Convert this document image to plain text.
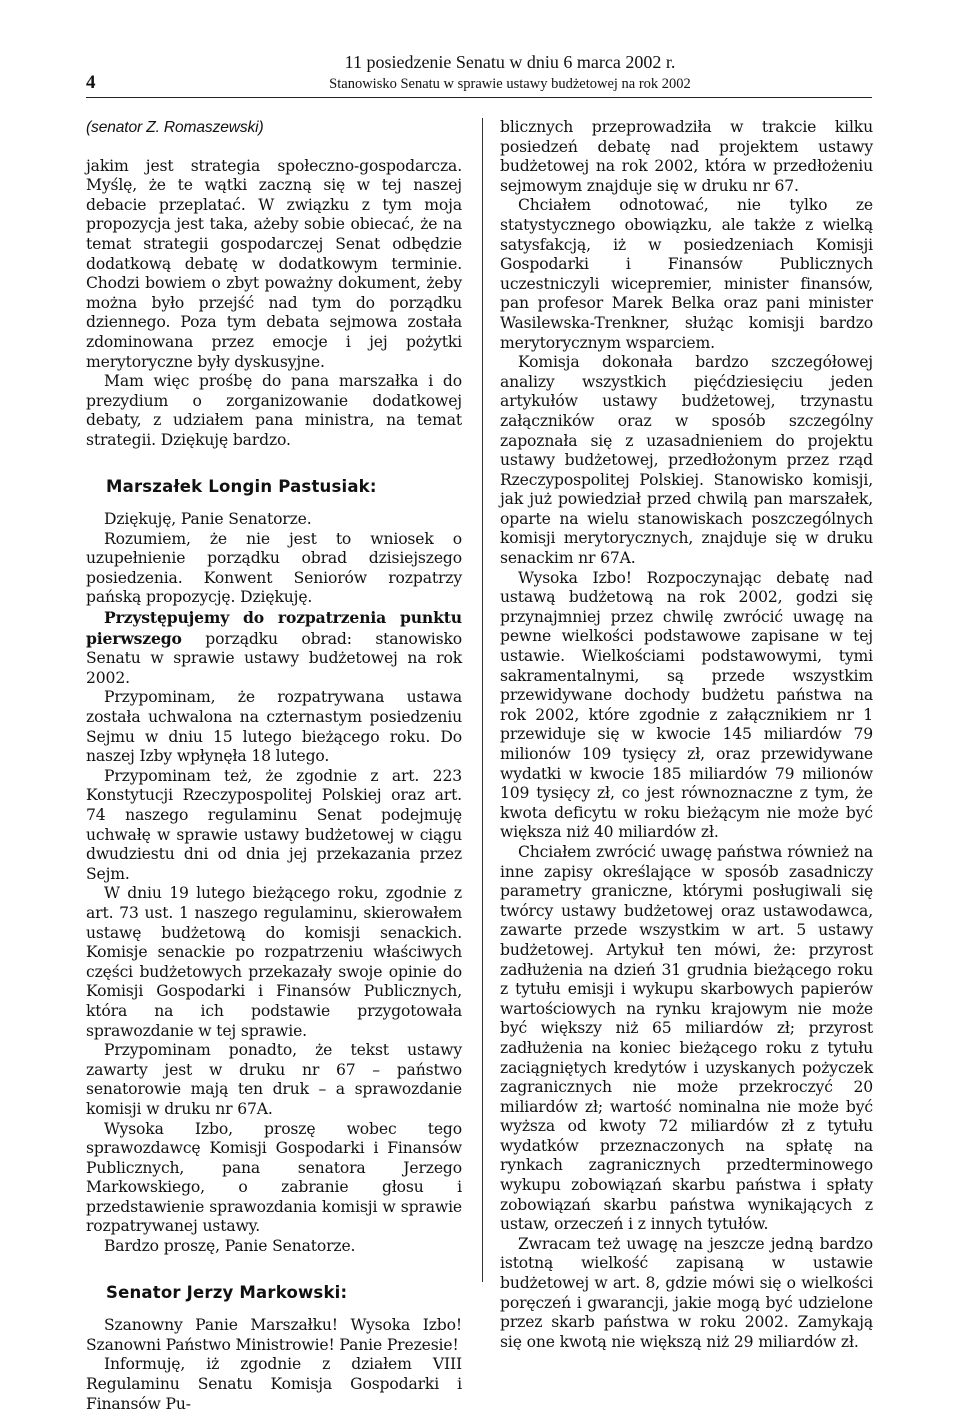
4
11 posiedzenie Senatu w dniu 6 marca 2002 r.
Stanowisko Senatu w sprawie ustawy budżetowej na rok 2002
(senator Z. Romaszewski)

jakim jest strategia społeczno-gospodarcza. Myślę, że te wątki zaczną się w tej naszej debacie przeplatać. W związku z tym moja propozycja jest taka, ażeby sobie obiecać, że na temat strategii gospodarczej Senat odbędzie dodatkową debatę w dodatkowym terminie. Chodzi bowiem o zbyt poważny dokument, żeby można było przejść nad tym do porządku dziennego. Poza tym debata sejmowa została zdominowana przez emocje i jej pożytki merytoryczne były dyskusyjne.

Mam więc prośbę do pana marszałka i do prezydium o zorganizowanie dodatkowej debaty, z udziałem pana ministra, na temat strategii. Dziękuję bardzo.

Marszałek Longin Pastusiak:

Dziękuję, Panie Senatorze.

Rozumiem, że nie jest to wniosek o uzupełnienie porządku obrad dzisiejszego posiedzenia. Konwent Seniorów rozpatrzy pańską propozycję. Dziękuję.

Przystępujemy do rozpatrzenia punktu pierwszego porządku obrad: stanowisko Senatu w sprawie ustawy budżetowej na rok 2002.

Przypominam, że rozpatrywana ustawa została uchwalona na czternastym posiedzeniu Sejmu w dniu 15 lutego bieżącego roku. Do naszej Izby wpłynęła 18 lutego.

Przypominam też, że zgodnie z art. 223 Konstytucji Rzeczypospolitej Polskiej oraz art. 74 naszego regulaminu Senat podejmuję uchwałę w sprawie ustawy budżetowej w ciągu dwudziestu dni od dnia jej przekazania przez Sejm.

W dniu 19 lutego bieżącego roku, zgodnie z art. 73 ust. 1 naszego regulaminu, skierowałem ustawę budżetową do komisji senackich. Komisje senackie po rozpatrzeniu właściwych części budżetowych przekazały swoje opinie do Komisji Gospodarki i Finansów Publicznych, która na ich podstawie przygotowała sprawozdanie w tej sprawie.

Przypominam ponadto, że tekst ustawy zawarty jest w druku nr 67 – państwo senatorowie mają ten druk – a sprawozdanie komisji w druku nr 67A.

Wysoka Izbo, proszę wobec tego sprawozdawcę Komisji Gospodarki i Finansów Publicznych, pana senatora Jerzego Markowskiego, o zabranie głosu i przedstawienie sprawozdania komisji w sprawie rozpatrywanej ustawy.

Bardzo proszę, Panie Senatorze.

Senator Jerzy Markowski:

Szanowny Panie Marszałku! Wysoka Izbo! Szanowni Państwo Ministrowie! Panie Prezesie!

Informuję, iż zgodnie z działem VIII Regulaminu Senatu Komisja Gospodarki i Finansów Pu-

blicznych przeprowadziła w trakcie kilku posiedzeń debatę nad projektem ustawy budżetowej na rok 2002, która w przedłożeniu sejmowym znajduje się w druku nr 67.

Chciałem odnotować, nie tylko ze statystycznego obowiązku, ale także z wielką satysfakcją, iż w posiedzeniach Komisji Gospodarki i Finansów Publicznych uczestniczyli wicepremier, minister finansów, pan profesor Marek Belka oraz pani minister Wasilewska-Trenkner, służąc komisji bardzo merytorycznym wsparciem.

Komisja dokonała bardzo szczegółowej analizy wszystkich pięćdziesięciu jeden artykułów ustawy budżetowej, trzynastu załączników oraz w sposób szczególny zapoznała się z uzasadnieniem do projektu ustawy budżetowej, przedłożonym przez rząd Rzeczypospolitej Polskiej. Stanowisko komisji, jak już powiedział przed chwilą pan marszałek, oparte na wielu stanowiskach poszczególnych komisji merytorycznych, znajduje się w druku senackim nr 67A.

Wysoka Izbo! Rozpoczynając debatę nad ustawą budżetową na rok 2002, godzi się przynajmniej przez chwilę zwrócić uwagę na pewne wielkości podstawowe zapisane w tej ustawie. Wielkościami podstawowymi, tymi sakramentalnymi, są przede wszystkim przewidywane dochody budżetu państwa na rok 2002, które zgodnie z załącznikiem nr 1 przewiduje się w kwocie 145 miliardów 79 milionów 109 tysięcy zł, oraz przewidywane wydatki w kwocie 185 miliardów 79 milionów 109 tysięcy zł, co jest równoznaczne z tym, że kwota deficytu w roku bieżącym nie może być większa niż 40 miliardów zł.

Chciałem zwrócić uwagę państwa również na inne zapisy określające w sposób zasadniczy parametry graniczne, którymi posługiwali się twórcy ustawy budżetowej oraz ustawodawca, zawarte przede wszystkim w art. 5 ustawy budżetowej. Artykuł ten mówi, że: przyrost zadłużenia na dzień 31 grudnia bieżącego roku z tytułu emisji i wykupu skarbowych papierów wartościowych na rynku krajowym nie może być większy niż 65 miliardów zł; przyrost zadłużenia na koniec bieżącego roku z tytułu zaciągniętych kredytów i uzyskanych pożyczek zagranicznych nie może przekroczyć 20 miliardów zł; wartość nominalna nie może być wyższa od kwoty 72 miliardów zł z tytułu wydatków przeznaczonych na spłatę na rynkach zagranicznych przedterminowego wykupu zobowiązań skarbu państwa i spłaty zobowiązań skarbu państwa wynikających z ustaw, orzeczeń i z innych tytułów.

Zwracam też uwagę na jeszcze jedną bardzo istotną wielkość zapisaną w ustawie budżetowej w art. 8, gdzie mówi się o wielkości poręczeń i gwarancji, jakie mogą być udzielone przez skarb państwa w roku 2002. Zamykają się one kwotą nie większą niż 29 miliardów zł.
